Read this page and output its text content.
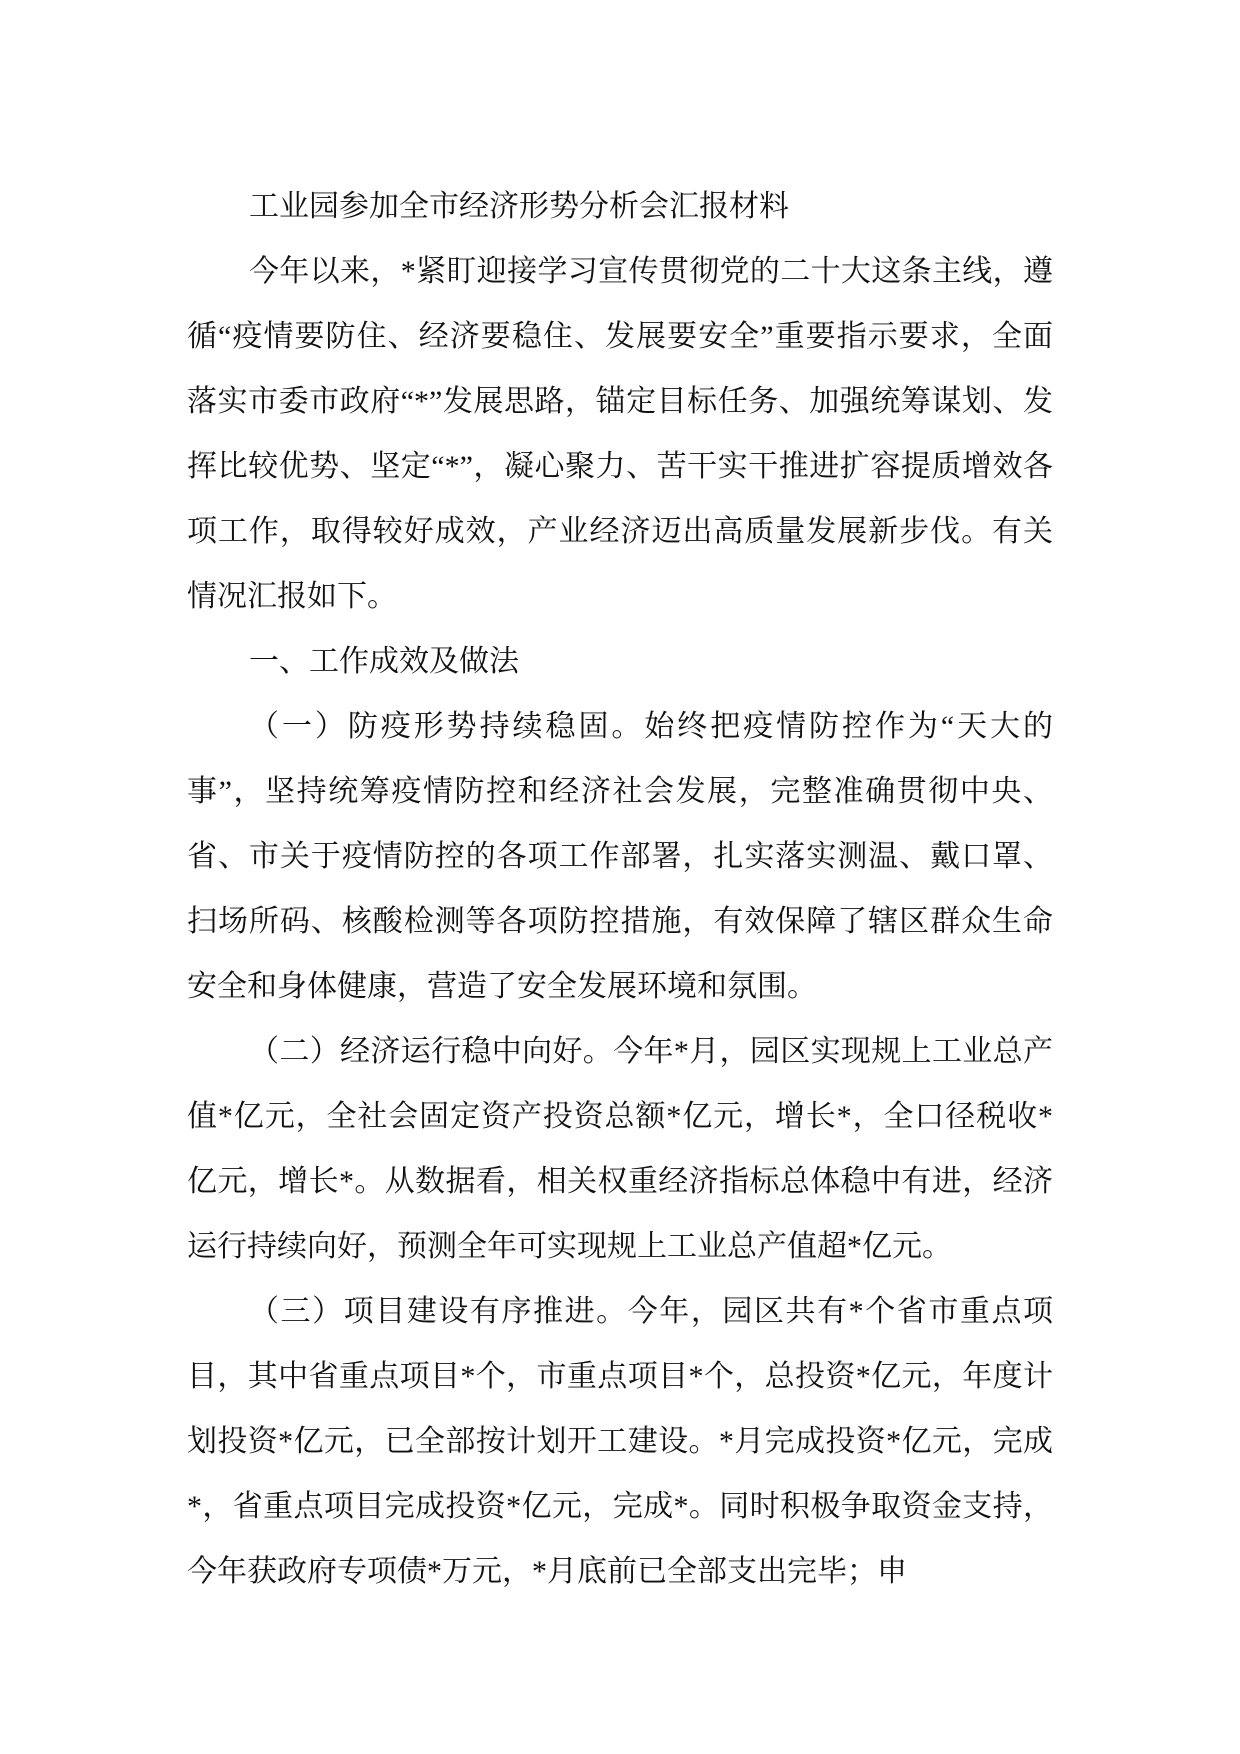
工业园参加全市经济形势分析会汇报材料

今年以来，*紧盯迎接学习宣传贯彻党的二十大这条主线，遵循“疫情要防住、经济要稳住、发展要安全”重要指示要求，全面落实市委市政府“*”发展思路，锚定目标任务、加强统筹谋划、发挥比较优势、坚定“*”，凝心聚力、苦干实干推进扩容提质增效各项工作，取得较好成效，产业经济迈出高质量发展新步伐。有关情况汇报如下。

一、工作成效及做法

（一）防疫形势持续稳固。始终把疫情防控作为“天大的事”，坚持统筹疫情防控和经济社会发展，完整准确贯彻中央、省、市关于疫情防控的各项工作部署，扎实落实测温、戴口罩、扫场所码、核酸检测等各项防控措施，有效保障了辖区群众生命安全和身体健康，营造了安全发展环境和氛围。

（二）经济运行稳中向好。今年*月，园区实现规上工业总产值*亿元，全社会固定资产投资总额*亿元，增长*，全口径税收*亿元，增长*。从数据看，相关权重经济指标总体稳中有进，经济运行持续向好，预测全年可实现规上工业总产值超*亿元。

（三）项目建设有序推进。今年，园区共有*个省市重点项目，其中省重点项目*个，市重点项目*个，总投资*亿元，年度计划投资*亿元，已全部按计划开工建设。*月完成投资*亿元，完成*，省重点项目完成投资*亿元，完成*。同时积极争取资金支持，今年获政府专项债*万元，*月底前已全部支出完毕；申
